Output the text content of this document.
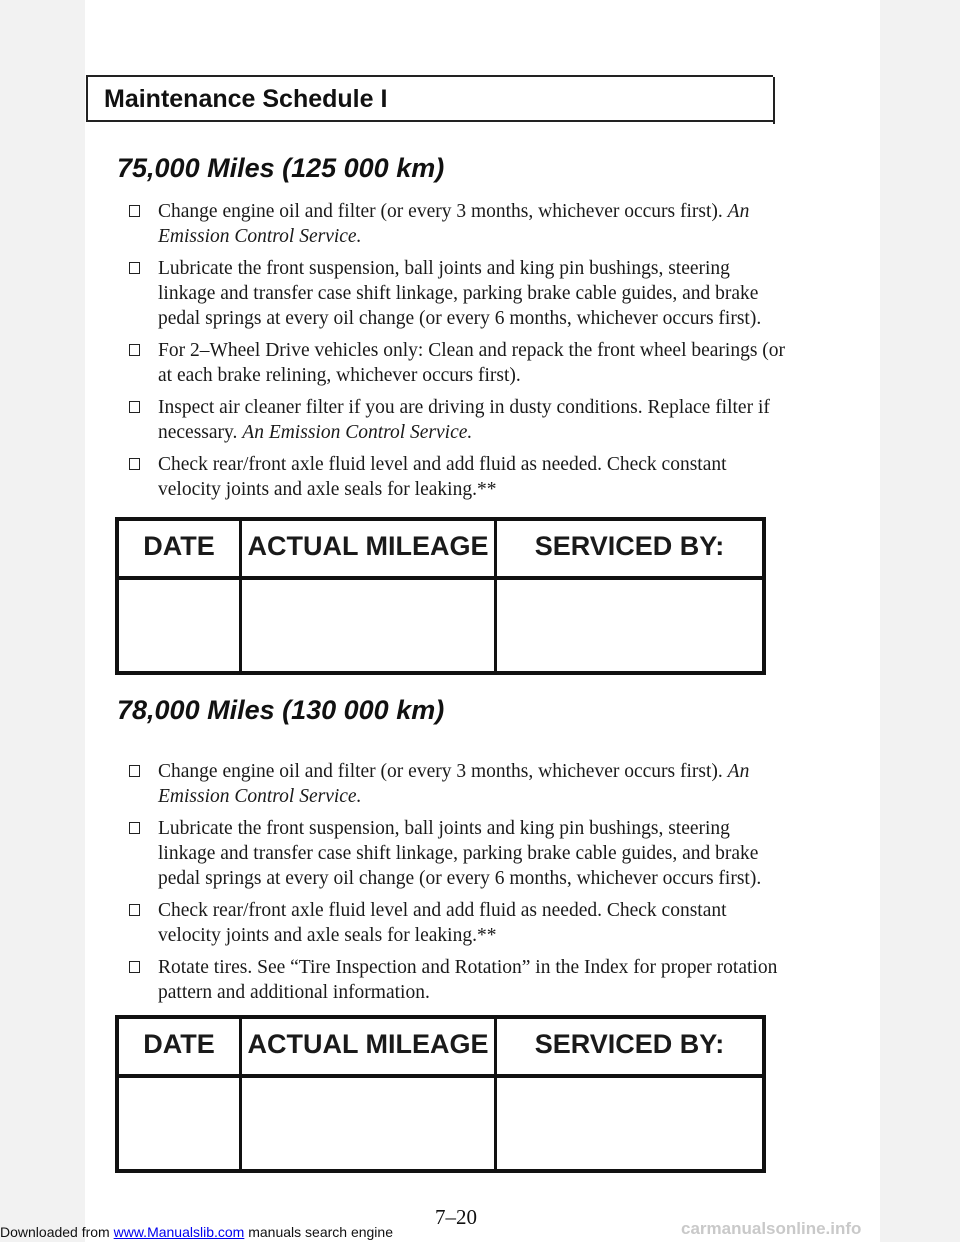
Maintenance Schedule I
75,000 Miles (125 000 km)
Change engine oil and filter (or every 3 months, whichever occurs first). An Emission Control Service.
Lubricate the front suspension, ball joints and king pin bushings, steering linkage and transfer case shift linkage, parking brake cable guides, and brake pedal springs at every oil change (or every 6 months, whichever occurs first).
For 2–Wheel Drive vehicles only: Clean and repack the front wheel bearings (or at each brake relining, whichever occurs first).
Inspect air cleaner filter if you are driving in dusty conditions. Replace filter if necessary. An Emission Control Service.
Check rear/front axle fluid level and add fluid as needed. Check constant velocity joints and axle seals for leaking.**
DATE	ACTUAL MILEAGE	SERVICED BY:
78,000 Miles (130 000 km)
Change engine oil and filter (or every 3 months, whichever occurs first). An Emission Control Service.
Lubricate the front suspension, ball joints and king pin bushings, steering linkage and transfer case shift linkage, parking brake cable guides, and brake pedal springs at every oil change (or every 6 months, whichever occurs first).
Check rear/front axle fluid level and add fluid as needed. Check constant velocity joints and axle seals for leaking.**
Rotate tires. See “Tire Inspection and Rotation” in the Index for proper rotation pattern and additional information.
DATE	ACTUAL MILEAGE	SERVICED BY:
7–20
Downloaded from www.Manualslib.com manuals search engine	carmanualsonline.info
